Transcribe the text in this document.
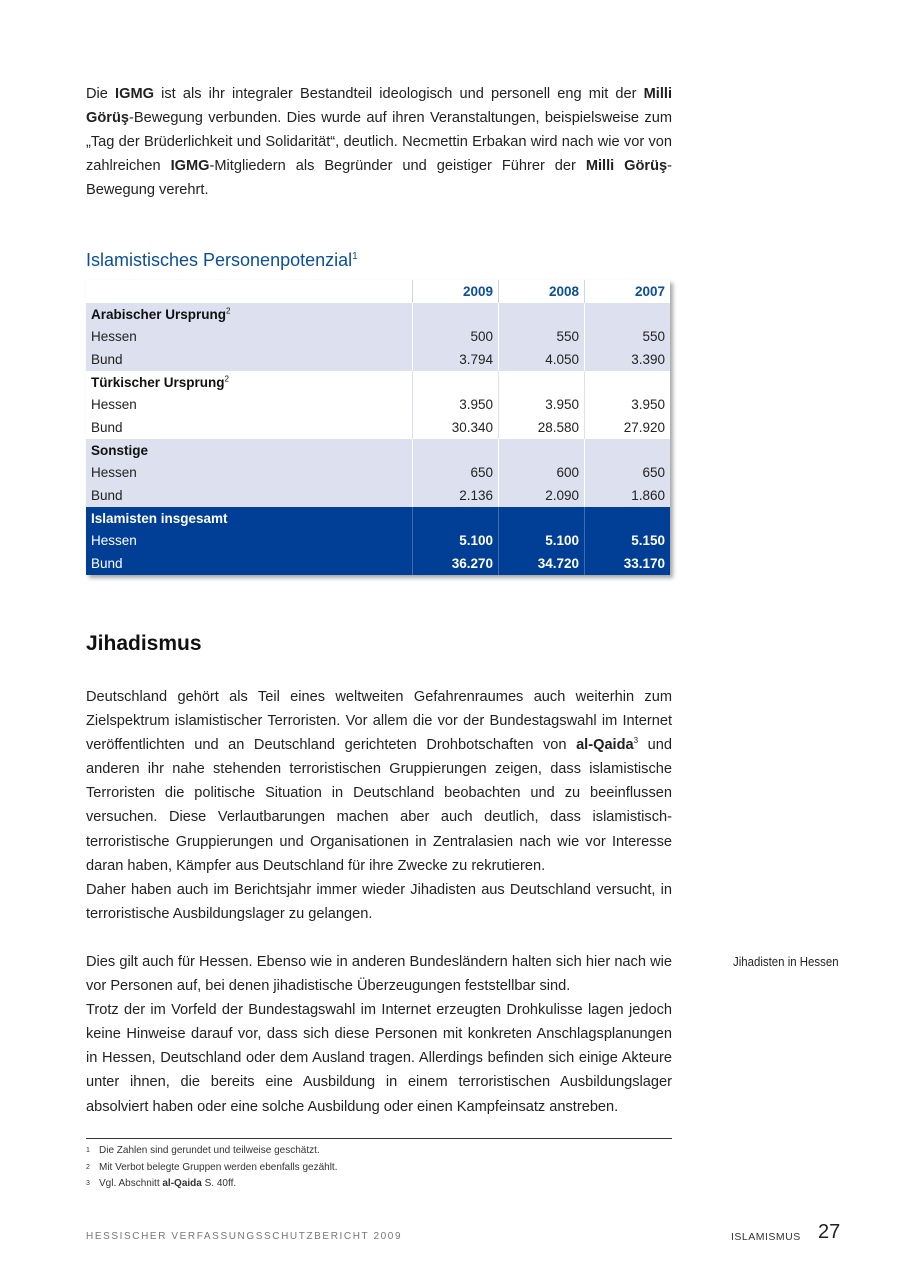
Die IGMG ist als ihr integraler Bestandteil ideologisch und personell eng mit der Milli Görüş-Bewegung verbunden. Dies wurde auf ihren Veranstaltungen, beispielsweise zum „Tag der Brüderlichkeit und Solidarität“, deutlich. Necmettin Erbakan wird nach wie vor von zahlreichen IGMG-Mitgliedern als Begründer und geistiger Führer der Milli Görüş-Bewegung verehrt.

Islamistisches Personenpotenzial$^1$
2009	2008	2007
Arabischer Ursprung$^2$
Hessen	500	550	550
Bund	3.794	4.050	3.390
Türkischer Ursprung$^2$
Hessen	3.950	3.950	3.950
Bund	30.340	28.580	27.920
Sonstige
Hessen	650	600	650
Bund	2.136	2.090	1.860
Islamisten insgesamt
Hessen	5.100	5.100	5.150
Bund	36.270	34.720	33.170
Jihadismus

Deutschland gehört als Teil eines weltweiten Gefahrenraumes auch weiterhin zum Zielspektrum islamistischer Terroristen. Vor allem die vor der Bundestagswahl im Internet veröffentlichten und an Deutschland gerichteten Drohbotschaften von al-Qaida$^3$ und anderen ihr nahe stehenden terroristischen Gruppierungen zeigen, dass islamistische Terroristen die politische Situation in Deutschland beobachten und zu beeinflussen versuchen. Diese Verlautbarungen machen aber auch deutlich, dass islamistisch-terroristische Gruppierungen und Organisationen in Zentralasien nach wie vor Interesse daran haben, Kämpfer aus Deutschland für ihre Zwecke zu rekrutieren.

Daher haben auch im Berichtsjahr immer wieder Jihadisten aus Deutschland versucht, in terroristische Ausbildungslager zu gelangen.

Dies gilt auch für Hessen. Ebenso wie in anderen Bundesländern halten sich hier nach wie vor Personen auf, bei denen jihadistische Überzeugungen feststellbar sind.

Trotz der im Vorfeld der Bundestagswahl im Internet erzeugten Drohkulisse lagen jedoch keine Hinweise darauf vor, dass sich diese Personen mit konkreten Anschlagsplanungen in Hessen, Deutschland oder dem Ausland tragen. Allerdings befinden sich einige Akteure unter ihnen, die bereits eine Ausbildung in einem terroristischen Ausbildungslager absolviert haben oder eine solche Ausbildung oder einen Kampfeinsatz anstreben.

Jihadisten in Hessen
1 Die Zahlen sind gerundet und teilweise geschätzt.
2 Mit Verbot belegte Gruppen werden ebenfalls gezählt.
3 Vgl. Abschnitt al-Qaida S. 40ff.
HESSISCHER VERFASSUNGSSCHUTZBERICHT 2009	ISLAMISMUS 27
